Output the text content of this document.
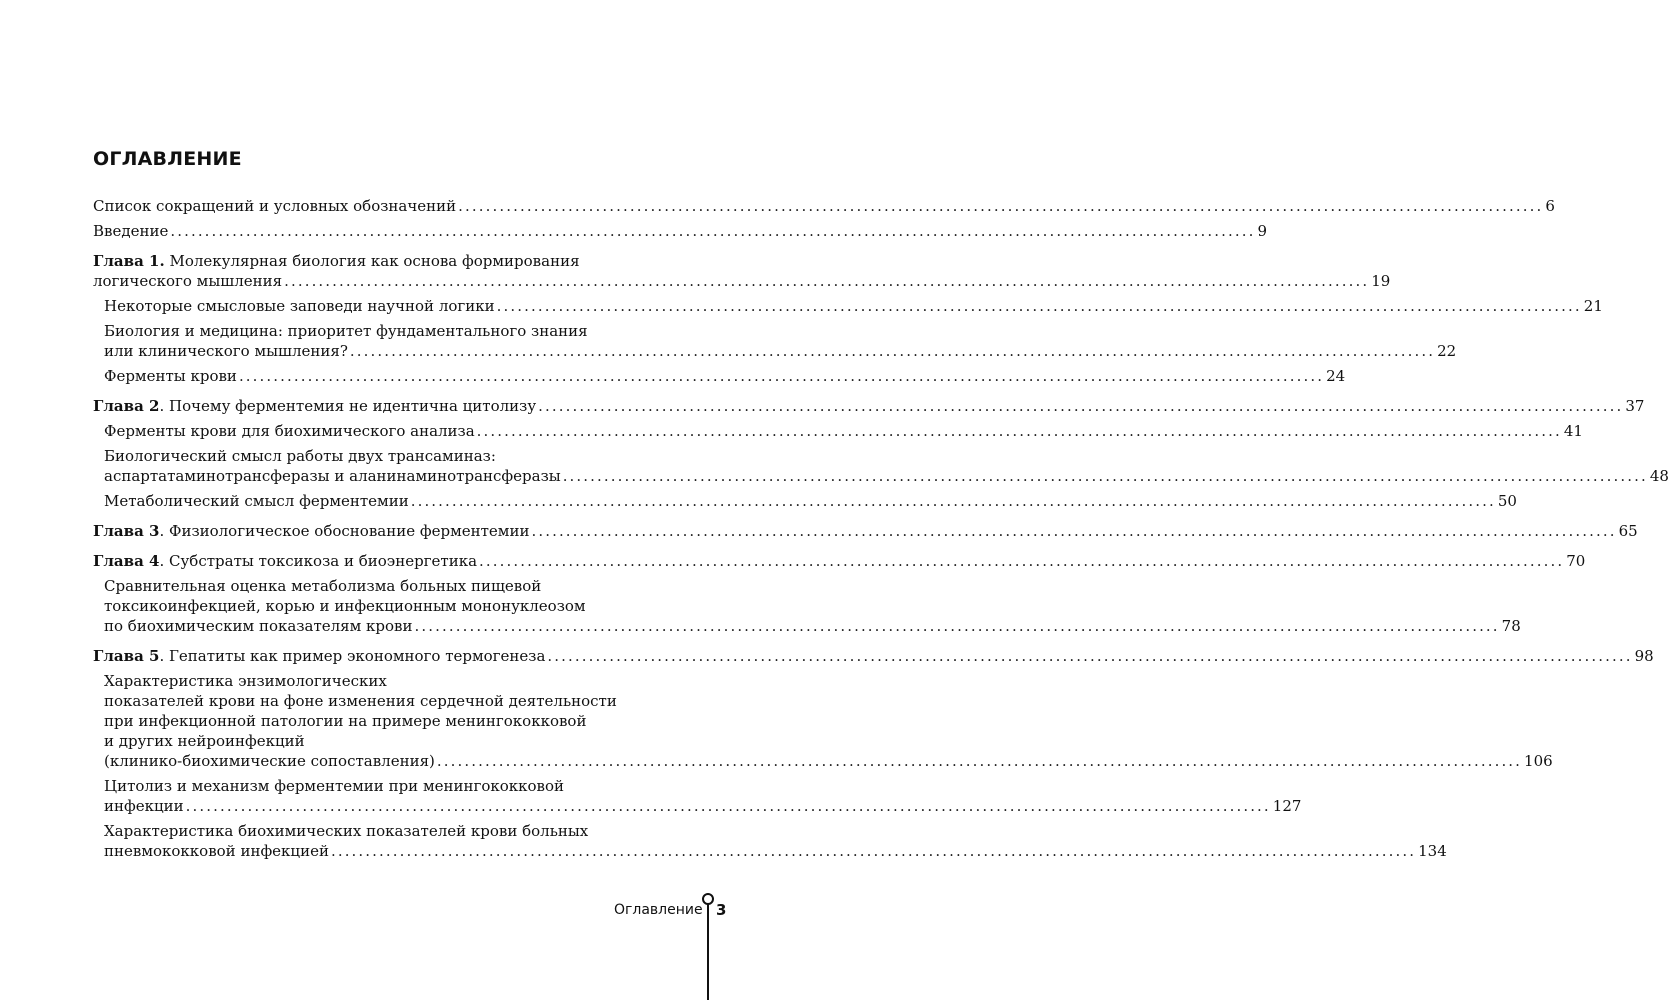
ОГЛАВЛЕНИЕ
Список сокращений и условных обозначений .............................................................................................................................................................. 6
Введение .............................................................................................................................................................. 9
Глава 1. Молекулярная биология как основа формирования
логического мышления .............................................................................................................................................................. 19
Некоторые смысловые заповеди научной логики .............................................................................................................................................................. 21
Биология и медицина: приоритет фундаментального знания
или клинического мышления? .............................................................................................................................................................. 22
Ферменты крови .............................................................................................................................................................. 24
Глава 2. Почему ферментемия не идентична цитолизу .............................................................................................................................................................. 37
Ферменты крови для биохимического анализа .............................................................................................................................................................. 41
Биологический смысл работы двух трансаминаз:
аспартатаминотрансферазы и аланинаминотрансферазы .............................................................................................................................................................. 48
Метаболический смысл ферментемии .............................................................................................................................................................. 50
Глава 3. Физиологическое обоснование ферментемии .............................................................................................................................................................. 65
Глава 4. Субстраты токсикоза и биоэнергетика .............................................................................................................................................................. 70
Сравнительная оценка метаболизма больных пищевой
токсикоинфекцией, корью и инфекционным мононуклеозом
по биохимическим показателям крови .............................................................................................................................................................. 78
Глава 5. Гепатиты как пример экономного термогенеза .............................................................................................................................................................. 98
Характеристика энзимологических
показателей крови на фоне изменения сердечной деятельности
при инфекционной патологии на примере менингококковой
и других нейроинфекций
(клинико-биохимические сопоставления) .............................................................................................................................................................. 106
Цитолиз и механизм ферментемии при менингококковой
инфекции .............................................................................................................................................................. 127
Характеристика биохимических показателей крови больных
пневмококковой инфекцией .............................................................................................................................................................. 134
Оглавление 3
